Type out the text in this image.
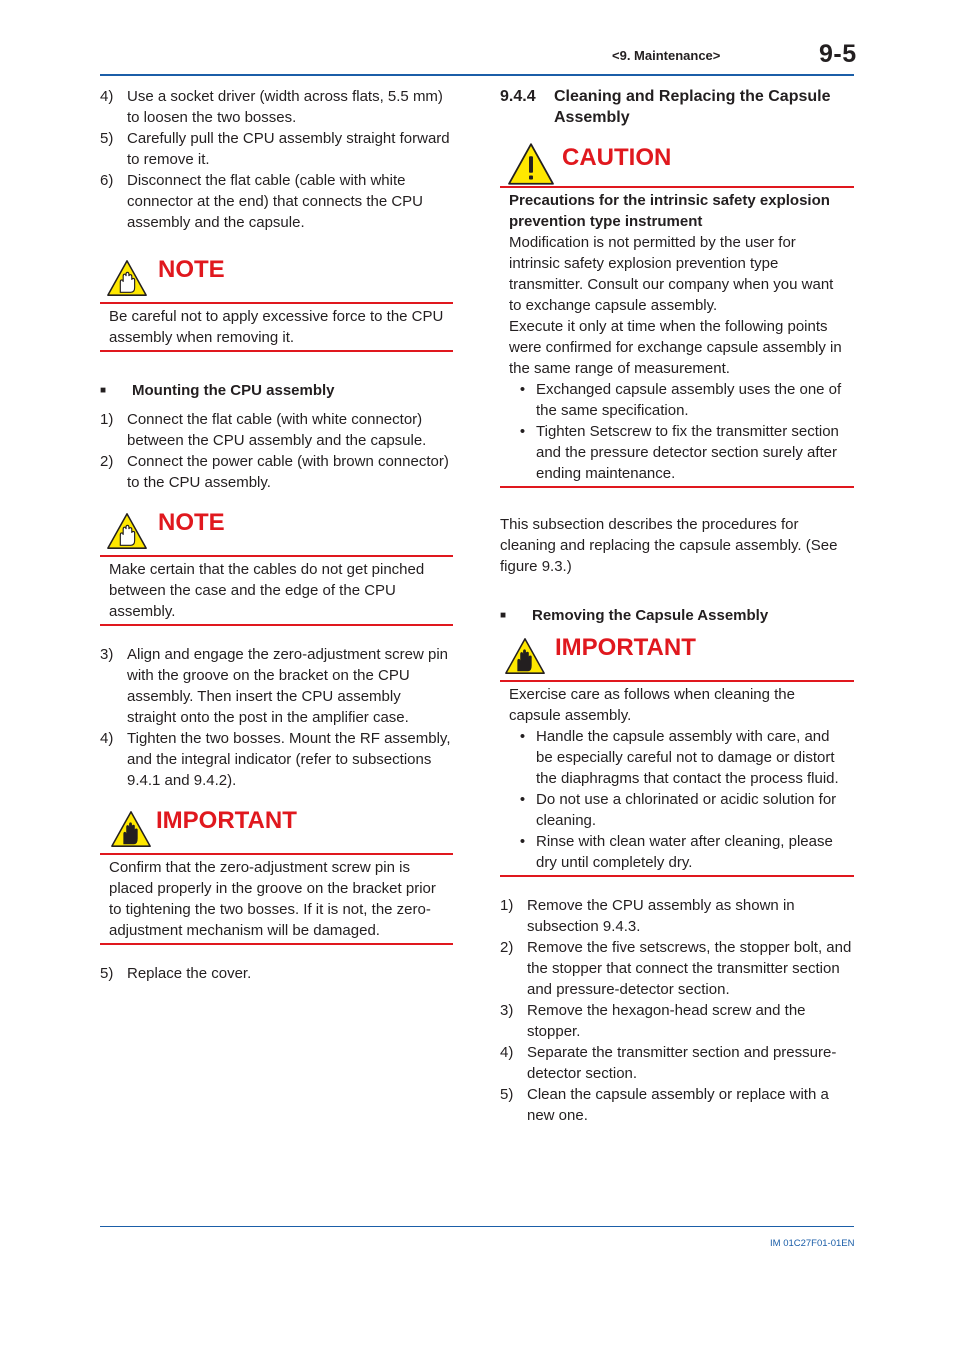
<9. Maintenance>	9-5
IM 01C27F01-01EN
4) Use a socket driver (width across flats, 5.5 mm) to loosen the two bosses.
5) Carefully pull the CPU assembly straight forward to remove it.
6) Disconnect the flat cable (cable with white connector at the end) that connects the CPU assembly and the capsule.
NOTE

Be careful not to apply excessive force to the CPU assembly when removing it.

■	Mounting the CPU assembly
1) Connect the flat cable (with white connector) between the CPU assembly and the capsule.
2) Connect the power cable (with brown connector) to the CPU assembly.
NOTE

Make certain that the cables do not get pinched between the case and the edge of the CPU assembly.

3) Align and engage the zero-adjustment screw pin with the groove on the bracket on the CPU assembly. Then insert the CPU assembly straight onto the post in the amplifier case.
4) Tighten the two bosses. Mount the RF assembly, and the integral indicator (refer to subsections 9.4.1 and 9.4.2).
IMPORTANT

Confirm that the zero-adjustment screw pin is placed properly in the groove on the bracket prior to tightening the two bosses. If it is not, the zero-adjustment mechanism will be damaged.

5) Replace the cover.
9.4.4	Cleaning and Replacing the Capsule Assembly
CAUTION

Precautions for the intrinsic safety explosion prevention type instrument

Modification is not permitted by the user for intrinsic safety explosion prevention type transmitter. Consult our company when you want to exchange capsule assembly.

Execute it only at time when the following points were confirmed for exchange capsule assembly in the same range of measurement.

• Exchanged capsule assembly uses the one of the same specification.
• Tighten Setscrew to fix the transmitter section and the pressure detector section surely after ending maintenance.

This subsection describes the procedures for cleaning and replacing the capsule assembly. (See figure 9.3.)

■	Removing the Capsule Assembly
IMPORTANT

Exercise care as follows when cleaning the capsule assembly.

• Handle the capsule assembly with care, and be especially careful not to damage or distort the diaphragms that contact the process fluid.
• Do not use a chlorinated or acidic solution for cleaning.
• Rinse with clean water after cleaning, please dry until completely dry.
1) Remove the CPU assembly as shown in subsection 9.4.3.
2) Remove the five setscrews, the stopper bolt, and the stopper that connect the transmitter section and pressure-detector section.
3) Remove the hexagon-head screw and the stopper.
4) Separate the transmitter section and pressure-detector section.
5) Clean the capsule assembly or replace with a new one.
